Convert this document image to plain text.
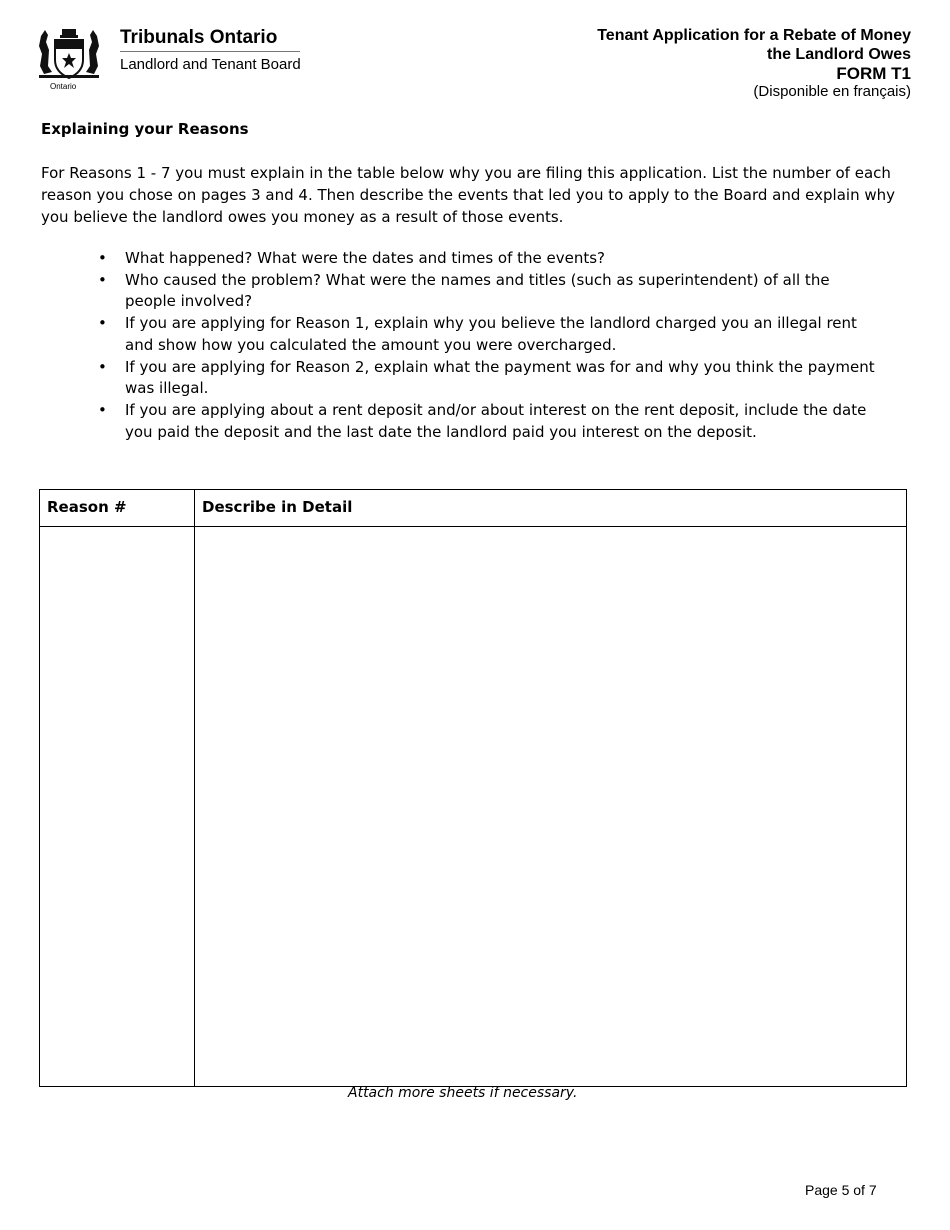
Ontario
Tribunals Ontario
Landlord and Tenant Board
Tenant Application for a Rebate of Money
the Landlord Owes
FORM T1
(Disponible en français)
Explaining your Reasons
For Reasons 1 - 7 you must explain in the table below why you are filing this application. List the number of each reason you chose on pages 3 and 4. Then describe the events that led you to apply to the Board and explain why you believe the landlord owes you money as a result of those events.
• What happened? What were the dates and times of the events?
• Who caused the problem? What were the names and titles (such as superintendent) of all the people involved?
• If you are applying for Reason 1, explain why you believe the landlord charged you an illegal rent and show how you calculated the amount you were overcharged.
• If you are applying for Reason 2, explain what the payment was for and why you think the payment was illegal.
• If you are applying about a rent deposit and/or about interest on the rent deposit, include the date you paid the deposit and the last date the landlord paid you interest on the deposit.
Reason #	Describe in Detail

Attach more sheets if necessary.
Page 5 of 7
